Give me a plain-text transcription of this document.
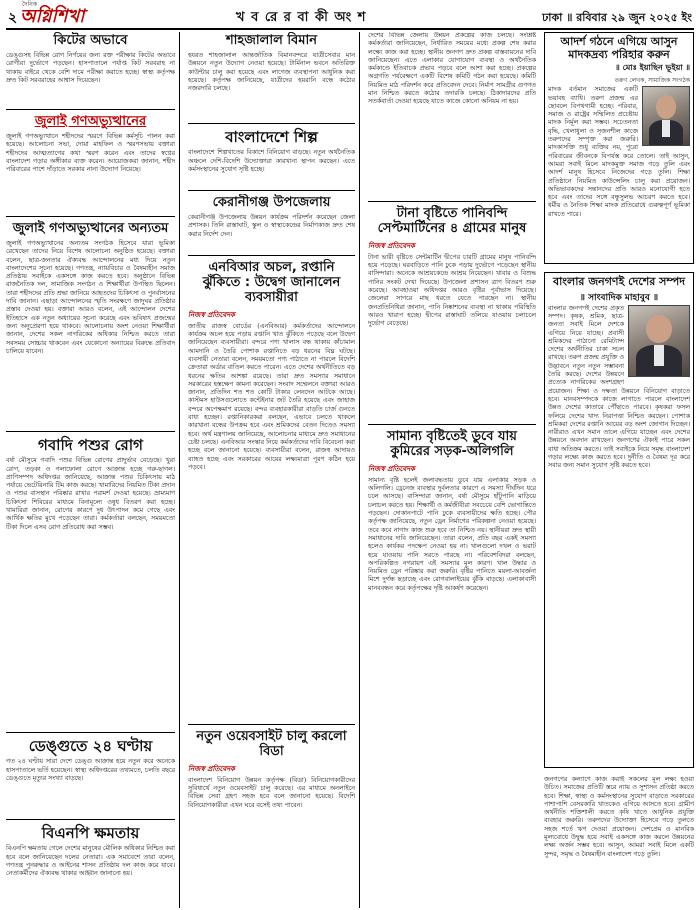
২
দৈনিক
অগ্নিশিখা	খ ব রে র বা কী অং শ	ঢাকা ॥ রবিবার ২৯ জুন ২০২৫ ইং
কিটের অভাবে
ডেঙ্গুসহ বিভিন্ন রোগ নির্ণয়ের জন্য রক্ত পরীক্ষার কিটের অভাবে রোগীরা দুর্ভোগে পড়ছেন। হাসপাতালে পর্যাপ্ত কিট সরবরাহ না থাকায় বাইরে থেকে বেশি দামে পরীক্ষা করাতে হচ্ছে। স্বাস্থ্য কর্তৃপক্ষ দ্রুত কিট সরবরাহের আশ্বাস দিয়েছেন।
জুলাই গণঅভ্যুত্থানের
জুলাই গণঅভ্যুত্থানে শহীদদের স্মরণে বিভিন্ন কর্মসূচি পালন করা হয়েছে। আলোচনা সভা, দোয়া মাহফিল ও স্মরণসভায় বক্তারা শহীদদের আত্মত্যাগের কথা স্মরণ করেন এবং তাদের স্বপ্নের বাংলাদেশ গড়ার অঙ্গীকার ব্যক্ত করেন। আয়োজকরা জানান, শহীদ পরিবারের পাশে দাঁড়াতে সরকার নানা উদ্যোগ নিয়েছে।
জুলাই গণঅভ্যুত্থানের অন্যতম
জুলাই গণঅভ্যুত্থানের অন্যতম সংগঠক হিসেবে যারা ভূমিকা রেখেছেন তাদের নিয়ে বিশেষ আলোচনা অনুষ্ঠিত হয়েছে। বক্তারা বলেন, ছাত্র-জনতার ঐক্যবদ্ধ আন্দোলনের মধ্য দিয়ে নতুন বাংলাদেশের সূচনা হয়েছে। গণতন্ত্র, ন্যায়বিচার ও বৈষম্যহীন সমাজ প্রতিষ্ঠায় সবাইকে একসঙ্গে কাজ করতে হবে। অনুষ্ঠানে বিভিন্ন রাজনৈতিক দল, সামাজিক সংগঠন ও শিক্ষার্থীরা উপস্থিত ছিলেন। তারা শহীদদের প্রতি শ্রদ্ধা জানিয়ে আহতদের চিকিৎসা ও পুনর্বাসনের দাবি জানান। এছাড়া আন্দোলনের স্মৃতি সংরক্ষণে জাদুঘর প্রতিষ্ঠার প্রস্তাব দেওয়া হয়। বক্তারা আরও বলেন, এই আন্দোলন দেশের ইতিহাসে এক নতুন অধ্যায়ের সূচনা করেছে এবং ভবিষ্যৎ প্রজন্মের জন্য অনুপ্রেরণা হয়ে থাকবে। আলোচনায় অংশ নেওয়া শিক্ষার্থীরা জানান, দেশের সকল নাগরিকের অধিকার নিশ্চিত করতে তারা সবসময় সোচ্চার থাকবেন এবং যেকোনো অন্যায়ের বিরুদ্ধে প্রতিবাদ চালিয়ে যাবেন।
গবাদি পশুর রোগ
বর্ষা মৌসুমে গবাদি পশুর বিভিন্ন রোগের প্রাদুর্ভাব বেড়েছে। খুরা রোগ, তড়কা ও গলাফোলা রোগে আক্রান্ত হচ্ছে গরু-ছাগল। প্রাণিসম্পদ অধিদপ্তর জানিয়েছে, আক্রান্ত পশুর চিকিৎসায় মাঠ পর্যায়ে ভেটেরিনারি টিম কাজ করছে। খামারিদের নিয়মিত টিকা প্রদান ও পশুর বাসস্থান পরিষ্কার রাখার পরামর্শ দেওয়া হয়েছে। ভ্রাম্যমাণ চিকিৎসা শিবিরের মাধ্যমে বিনামূল্যে ওষুধ বিতরণ করা হচ্ছে। খামারিরা জানান, রোগের কারণে দুধ উৎপাদন কমে গেছে এবং আর্থিক ক্ষতির মুখে পড়েছেন তারা। কর্মকর্তারা বলছেন, সময়মতো টিকা দিলে এসব রোগ প্রতিরোধ করা সম্ভব।
ডেঙ্গুতে ২৪ ঘণ্টায়
গত ২৪ ঘণ্টায় সারা দেশে ডেঙ্গু আক্রান্ত হয়ে নতুন করে অনেকে হাসপাতালে ভর্তি হয়েছেন। স্বাস্থ্য অধিদপ্তরের তথ্যমতে, চলতি বছরে ডেঙ্গুতে মৃত্যুর সংখ্যা বাড়ছে।
বিএনপি ক্ষমতায়
বিএনপি ক্ষমতায় গেলে দেশের মানুষের মৌলিক অধিকার নিশ্চিত করা হবে বলে জানিয়েছেন দলের নেতারা। এক সমাবেশে তারা বলেন, গণতন্ত্র পুনরুদ্ধার ও আইনের শাসন প্রতিষ্ঠায় দল কাজ করে যাবে। নেতাকর্মীদের ঐক্যবদ্ধ থাকার আহ্বান জানানো হয়।
শাহজালাল বিমান
হযরত শাহজালাল আন্তর্জাতিক বিমানবন্দরে যাত্রীসেবার মান উন্নয়নে নতুন উদ্যোগ নেওয়া হয়েছে। টার্মিনাল ভবনে অতিরিক্ত কাউন্টার চালু করা হয়েছে এবং লাগেজ ব্যবস্থাপনা আধুনিক করা হয়েছে। কর্তৃপক্ষ জানিয়েছে, যাত্রীদের হয়রানি বন্ধে কঠোর নজরদারি চলছে।
বাংলাদেশে শিল্প
বাংলাদেশে শিল্পখাতের বিকাশে বিনিয়োগ বাড়ছে। নতুন অর্থনৈতিক অঞ্চলে দেশি-বিদেশি উদ্যোক্তারা কারখানা স্থাপন করছেন। এতে কর্মসংস্থানের সুযোগ সৃষ্টি হচ্ছে।
কেরানীগঞ্জ উপজেলায়
কেরানীগঞ্জ উপজেলায় উন্নয়ন কার্যক্রম পরিদর্শন করেছেন জেলা প্রশাসক। তিনি রাস্তাঘাট, স্কুল ও স্বাস্থ্যকেন্দ্রের নির্মাণকাজ দ্রুত শেষ করার নির্দেশ দেন।
এনবিআর অচল, রপ্তানি ঝুঁকিতে : উদ্বেগ জানালেন ব্যবসায়ীরা
নিজস্ব প্রতিবেদক
জাতীয় রাজস্ব বোর্ডের (এনবিআর) কর্মকর্তাদের আন্দোলনে কার্যক্রম অচল হয়ে পড়ায় রপ্তানি খাত ঝুঁকিতে পড়েছে বলে উদ্বেগ জানিয়েছেন ব্যবসায়ীরা। বন্দরে পণ্য খালাস বন্ধ থাকায় কাঁচামাল আমদানি ও তৈরি পোশাক রপ্তানিতে বড় ধরনের বিঘ্ন ঘটছে। ব্যবসায়ী নেতারা বলেন, সময়মতো পণ্য পাঠাতে না পারলে বিদেশি ক্রেতারা অর্ডার বাতিল করতে পারেন। এতে দেশের অর্থনীতিতে বড় ধরনের ক্ষতির আশঙ্কা রয়েছে। তারা দ্রুত সমস্যার সমাধানে সরকারের হস্তক্ষেপ কামনা করেছেন। সংবাদ সম্মেলনে বক্তারা আরও জানান, প্রতিদিন শত শত কোটি টাকার লেনদেন আটকে আছে। কাস্টমস হাউসগুলোতে কন্টেইনার জট তৈরি হয়েছে এবং জাহাজ বন্দরে অপেক্ষমাণ রয়েছে। বন্দর ব্যবহারকারীরা বাড়তি চার্জ গুনতে বাধ্য হচ্ছেন। রপ্তানিকারকরা বলছেন, এভাবে চলতে থাকলে কারখানা বন্ধের উপক্রম হবে এবং শ্রমিকদের বেতন দিতেও সমস্যা হবে। অর্থ মন্ত্রণালয় জানিয়েছে, আলোচনার মাধ্যমে দ্রুত সমাধানের চেষ্টা চলছে। এনবিআর সংস্কার নিয়ে কর্মকর্তাদের দাবি বিবেচনা করা হচ্ছে বলে জানানো হয়েছে। ব্যবসায়ীরা বলেন, রাজস্ব আদায়ও ব্যাহত হচ্ছে এবং সরকারের আয়ের লক্ষ্যমাত্রা পূরণ কঠিন হয়ে পড়বে।
নতুন ওয়েবসাইট চালু করলো বিডা
নিজস্ব প্রতিবেদক
বাংলাদেশ বিনিয়োগ উন্নয়ন কর্তৃপক্ষ (বিডা) বিনিয়োগকারীদের সুবিধার্থে নতুন ওয়েবসাইট চালু করেছে। এর মাধ্যমে অনলাইনে বিভিন্ন সেবা গ্রহণ সহজ হবে বলে জানানো হয়েছে। বিদেশি বিনিয়োগকারীরা এখন ঘরে বসেই তথ্য পাবেন।
দেশের বিভিন্ন জেলায় উন্নয়ন প্রকল্পের কাজ চলছে। সংশ্লিষ্ট কর্মকর্তারা জানিয়েছেন, নির্ধারিত সময়ের মধ্যে প্রকল্প শেষ করার লক্ষ্যে কাজ করা হচ্ছে। স্থানীয় জনগণ দ্রুত প্রকল্প বাস্তবায়নের দাবি জানিয়েছেন। এতে এলাকার যোগাযোগ ব্যবস্থা ও অর্থনৈতিক কর্মকাণ্ডে ইতিবাচক প্রভাব পড়বে বলে আশা করা হচ্ছে। প্রকল্পের অগ্রগতি পর্যবেক্ষণে একটি বিশেষ কমিটি গঠন করা হয়েছে। কমিটি নিয়মিত মাঠ পরিদর্শন করে প্রতিবেদন দেবে। নির্মাণ সামগ্রীর গুণগত মান নিশ্চিত করতে কঠোর তদারকি চলছে। ঠিকাদারদের প্রতি সতর্কবার্তা দেওয়া হয়েছে যাতে কাজে কোনো অনিয়ম না হয়।
টানা বৃষ্টিতে পানিবন্দি সেপ্টমার্টিনের ৪ গ্রামের মানুষ
নিজস্ব প্রতিবেদক
টানা ভারী বৃষ্টিতে সেন্টমার্টিন দ্বীপের চারটি গ্রামের মানুষ পানিবন্দি হয়ে পড়েছে। ঘরবাড়িতে পানি ঢুকে পড়ায় দুর্ভোগে পড়েছেন স্থানীয় বাসিন্দারা। অনেকে আশ্রয়কেন্দ্রে আশ্রয় নিয়েছেন। খাবার ও বিশুদ্ধ পানির সংকট দেখা দিয়েছে। উপজেলা প্রশাসন ত্রাণ বিতরণ শুরু করেছে। আবহাওয়া অধিদপ্তর আরও বৃষ্টির পূর্বাভাস দিয়েছে। জেলেরা সাগরে মাছ ধরতে যেতে পারছেন না। স্থানীয় জনপ্রতিনিধিরা জানান, পানি নিষ্কাশনের ব্যবস্থা না থাকায় পরিস্থিতি আরও খারাপ হচ্ছে। দ্বীপের রাস্তাঘাট তলিয়ে যাওয়ায় চলাচলে দুর্ভোগ বেড়েছে।
সামান্য বৃষ্টিতেই ডুবে যায় কুমিরের সড়ক-অলিগলি
নিজস্ব প্রতিবেদক
সামান্য বৃষ্টি হলেই জলাবদ্ধতায় ডুবে যায় এলাকার সড়ক ও অলিগলি। ড্রেনেজ ব্যবস্থার দুর্বলতার কারণে এ সমস্যা দীর্ঘদিন ধরে চলে আসছে। বাসিন্দারা জানান, বর্ষা মৌসুমে হাঁটুপানি মাড়িয়ে চলাচল করতে হয়। শিক্ষার্থী ও কর্মজীবীরা সবচেয়ে বেশি ভোগান্তিতে পড়ছেন। দোকানপাটে পানি ঢুকে ব্যবসায়ীদের ক্ষতি হচ্ছে। পৌর কর্তৃপক্ষ জানিয়েছে, নতুন ড্রেন নির্মাণের পরিকল্পনা নেওয়া হয়েছে। তবে কবে নাগাদ কাজ শুরু হবে তা নিশ্চিত নয়। স্থানীয়রা দ্রুত স্থায়ী সমাধানের দাবি জানিয়েছেন। তারা বলেন, প্রতি বছর একই সমস্যা হলেও কার্যকর পদক্ষেপ নেওয়া হয় না। খালগুলো দখল ও ভরাট হয়ে যাওয়ায় পানি সরতে পারছে না। পরিবেশবিদরা বলছেন, অপরিকল্পিত নগরায়ণ এই সমস্যার মূল কারণ। খাল উদ্ধার ও নিয়মিত ড্রেন পরিষ্কার করা জরুরি। বৃষ্টির পানিতে ময়লা-আবর্জনা মিশে দুর্গন্ধ ছড়াচ্ছে এবং রোগবালাইয়ের ঝুঁকি বাড়ছে। এলাকাবাসী মানববন্ধন করে কর্তৃপক্ষের দৃষ্টি আকর্ষণ করেছেন।
আদর্শ গঠনে এগিয়ে আসুন মাদকদ্রব্য পরিহার করুন
॥ মোঃ ইয়াছিন ভূইয়া ॥
তরুণ লেখক, সামাজিক সংগঠক
মাদক বর্তমান সমাজের একটি ভয়াবহ ব্যাধি। তরুণ প্রজন্ম এর ছোবলে বিপথগামী হচ্ছে। পরিবার, সমাজ ও রাষ্ট্রের সম্মিলিত প্রচেষ্টায় মাদক নির্মূল করা সম্ভব। সচেতনতা বৃদ্ধি, খেলাধুলা ও সৃজনশীল কাজে তরুণদের সম্পৃক্ত করা জরুরি। মাদকাসক্তি শুধু ব্যক্তির নয়, পুরো পরিবারের জীবনকে বিপর্যস্ত করে তোলে। তাই আসুন, আমরা সবাই মিলে মাদকমুক্ত সমাজ গড়ে তুলি এবং আদর্শ মানুষ হিসেবে নিজেদের গড়ে তুলি। শিক্ষা প্রতিষ্ঠানে নিয়মিত কাউন্সেলিং চালু করা প্রয়োজন। অভিভাবকদের সন্তানদের প্রতি আরও মনোযোগী হতে হবে এবং তাদের সঙ্গে বন্ধুসুলভ আচরণ করতে হবে। ধর্মীয় ও নৈতিক শিক্ষা মাদক প্রতিরোধে গুরুত্বপূর্ণ ভূমিকা রাখতে পারে।
বাংলার জনগণই দেশের সম্পদ
॥ সাংবাদিক মাহাবুব ॥
বাংলার জনগণই দেশের প্রকৃত সম্পদ। কৃষক, শ্রমিক, ছাত্র-জনতা সবাই মিলে দেশকে এগিয়ে নিয়ে যাচ্ছে। প্রবাসী শ্রমিকদের পাঠানো রেমিট্যান্স দেশের অর্থনীতির চাকা সচল রাখছে। তরুণ প্রজন্ম প্রযুক্তি ও উদ্ভাবনে নতুন নতুন সম্ভাবনা তৈরি করছে। দেশের উন্নয়নে প্রত্যেক নাগরিকের অংশগ্রহণ প্রয়োজন। শিক্ষা ও দক্ষতা উন্নয়নে বিনিয়োগ বাড়াতে হবে। মানবসম্পদকে কাজে লাগাতে পারলে বাংলাদেশ উন্নত দেশের কাতারে পৌঁছাতে পারবে। কৃষকরা ফসল ফলিয়ে দেশের খাদ্য নিরাপত্তা নিশ্চিত করছেন। পোশাক শ্রমিকরা দেশের রপ্তানি আয়ের বড় অংশ জোগান দিচ্ছেন। নারীরাও এখন সমান তালে এগিয়ে যাচ্ছেন এবং দেশের উন্নয়নে অবদান রাখছেন। জনগণের ঐক্যই পারে সকল বাধা অতিক্রম করতে। তাই সবাইকে নিয়ে সমৃদ্ধ বাংলাদেশ গড়ার লক্ষ্যে কাজ করতে হবে। দুর্নীতি ও বৈষম্য দূর করে সবার জন্য সমান সুযোগ সৃষ্টি করতে হবে।
জনগণের কল্যাণে কাজ করাই সকলের মূল লক্ষ্য হওয়া উচিত। সমাজের প্রতিটি স্তরে ন্যায় ও সুশাসন প্রতিষ্ঠা করতে হবে। শিক্ষা, স্বাস্থ্য ও কর্মসংস্থানের সুযোগ বাড়াতে সরকারের পাশাপাশি বেসরকারি খাতকেও এগিয়ে আসতে হবে। গ্রামীণ অর্থনীতি শক্তিশালী করতে কৃষি খাতে আধুনিক প্রযুক্তি ব্যবহার জরুরি। তরুণদের উদ্যোক্তা হিসেবে গড়ে তুলতে সহজ শর্তে ঋণ দেওয়া প্রয়োজন। দেশপ্রেম ও মানবিক মূল্যবোধে উদ্বুদ্ধ হয়ে সবাই একসঙ্গে কাজ করলে উন্নয়নের লক্ষ্য অর্জন সম্ভব হবে। আসুন, আমরা সবাই মিলে একটি সুন্দর, সমৃদ্ধ ও বৈষম্যহীন বাংলাদেশ গড়ে তুলি।
